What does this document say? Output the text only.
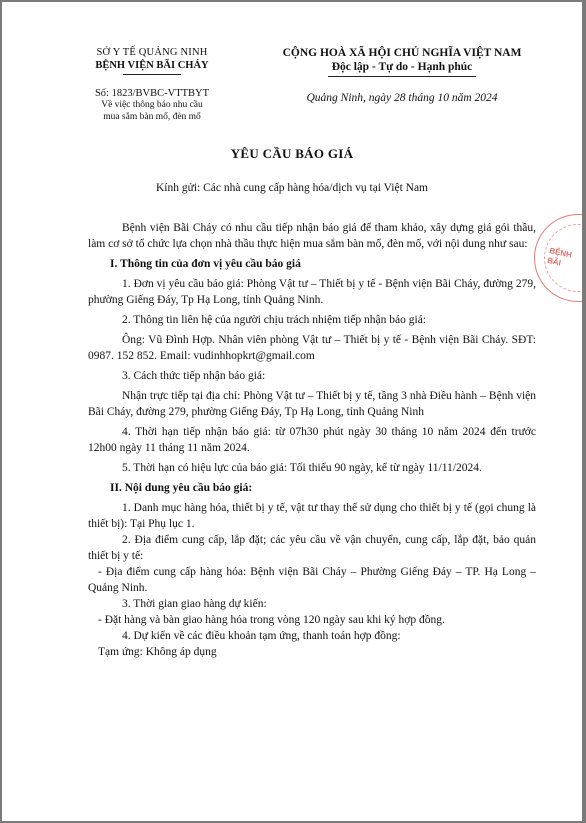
SỞ Y TẾ QUẢNG NINH
BỆNH VIỆN BÃI CHÁY
Số: 1823/BVBC-VTTBYT
Về việc thông báo nhu cầu
mua sắm bàn mổ, đèn mổ
CỘNG HOÀ XÃ HỘI CHỦ NGHĨA VIỆT NAM
Độc lập - Tự do - Hạnh phúc
Quảng Ninh, ngày 28 tháng 10 năm 2024
YÊU CẦU BÁO GIÁ
Kính gửi: Các nhà cung cấp hàng hóa/dịch vụ tại Việt Nam

Bệnh viện Bãi Cháy có nhu cầu tiếp nhận báo giá để tham khảo, xây dựng giá gói thầu, làm cơ sở tổ chức lựa chọn nhà thầu thực hiện mua sắm bàn mổ, đèn mổ, với nội dung như sau:

I. Thông tin của đơn vị yêu cầu báo giá

1. Đơn vị yêu cầu báo giá: Phòng Vật tư – Thiết bị y tế - Bệnh viện Bãi Cháy, đường 279, phường Giếng Đáy, Tp Hạ Long, tỉnh Quảng Ninh.

2. Thông tin liên hệ của người chịu trách nhiệm tiếp nhận báo giá:

Ông: Vũ Đình Hợp. Nhân viên phòng Vật tư – Thiết bị y tế - Bệnh viện Bãi Cháy. SĐT: 0987. 152 852. Email: vudinhhopkrt@gmail.com

3. Cách thức tiếp nhận báo giá:

Nhận trực tiếp tại địa chỉ: Phòng Vật tư – Thiết bị y tế, tầng 3 nhà Điều hành – Bệnh viện Bãi Cháy, đường 279, phường Giếng Đáy, Tp Hạ Long, tỉnh Quảng Ninh

4. Thời hạn tiếp nhận báo giá: từ 07h30 phút ngày 30 tháng 10 năm 2024 đến trước 12h00 ngày 11 tháng 11 năm 2024.

5. Thời hạn có hiệu lực của báo giá: Tối thiểu 90 ngày, kể từ ngày 11/11/2024.

II. Nội dung yêu cầu báo giá:

1. Danh mục hàng hóa, thiết bị y tế, vật tư thay thế sử dụng cho thiết bị y tế (gọi chung là thiết bị): Tại Phụ lục 1.

2. Địa điểm cung cấp, lắp đặt; các yêu cầu về vận chuyển, cung cấp, lắp đặt, bảo quản thiết bị y tế:

- Địa điểm cung cấp hàng hóa: Bệnh viện Bãi Cháy – Phường Giếng Đáy – TP. Hạ Long – Quảng Ninh.

3. Thời gian giao hàng dự kiến:

- Đặt hàng và bàn giao hàng hóa trong vòng 120 ngày sau khi ký hợp đồng.

4. Dự kiến về các điều khoản tạm ứng, thanh toán hợp đồng:

Tạm ứng: Không áp dụng

BỆNH
BÃI
